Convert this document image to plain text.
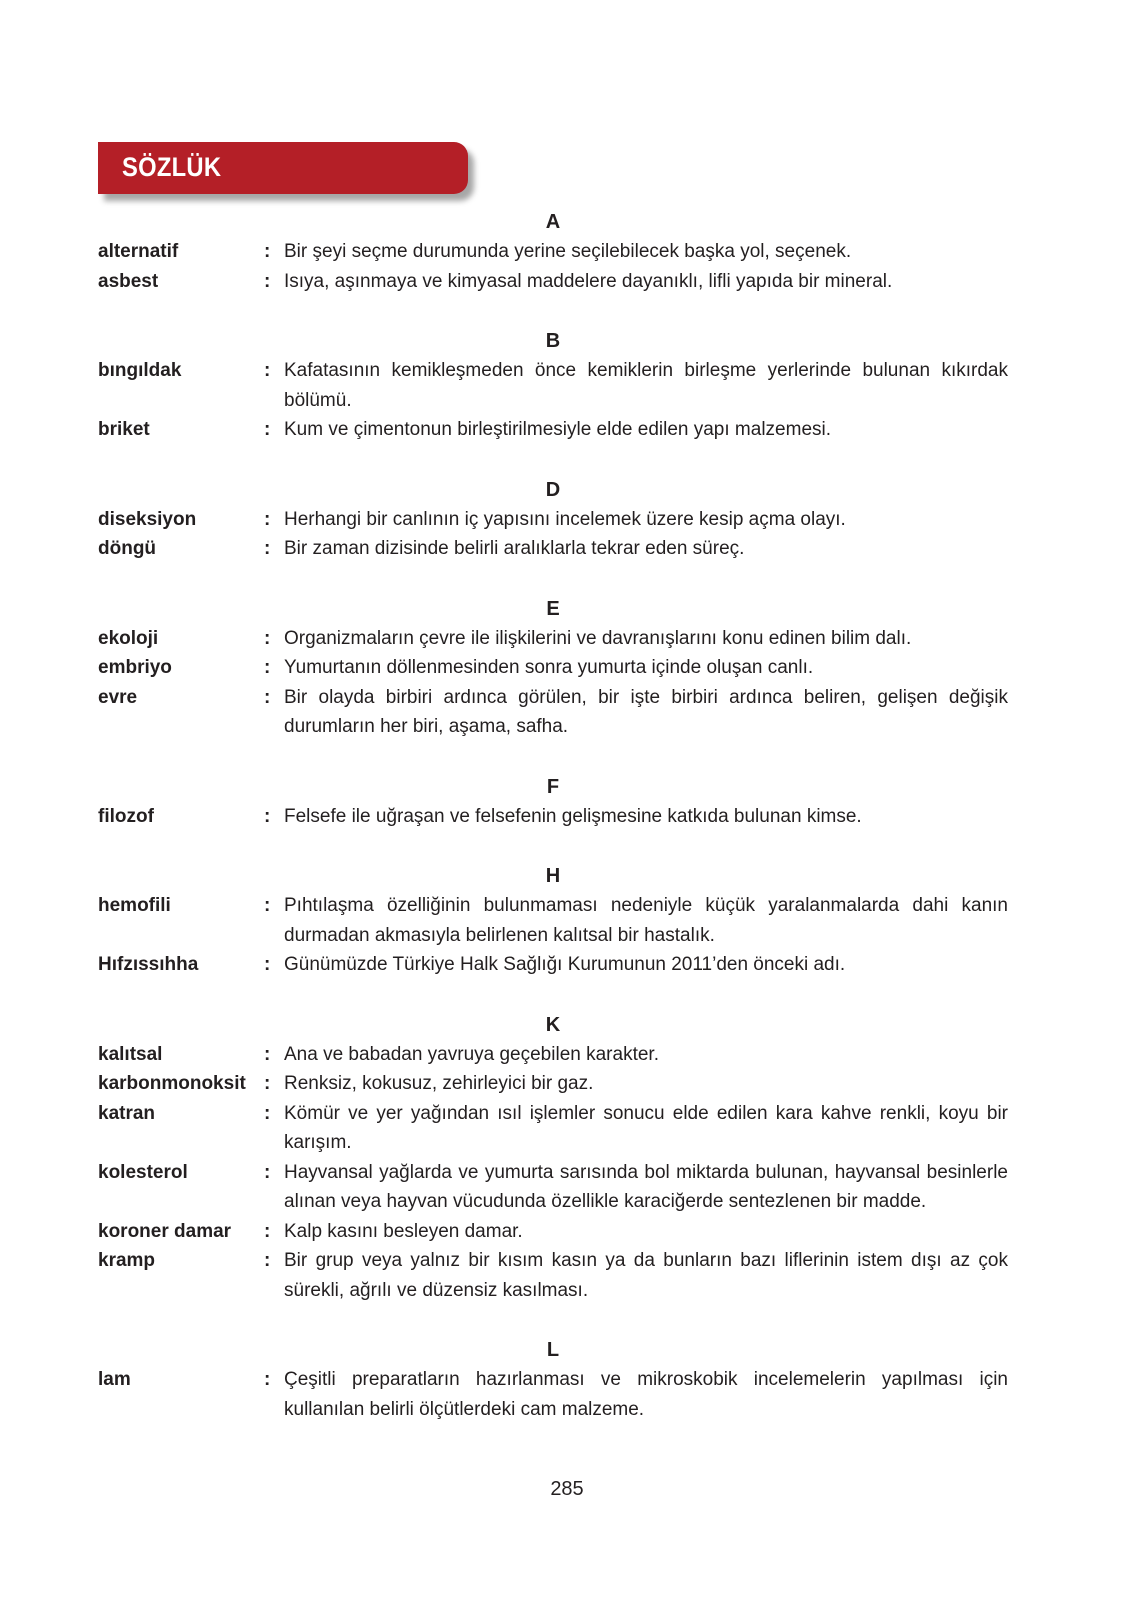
SÖZLÜK
A
alternatif	: Bir şeyi seçme durumunda yerine seçilebilecek başka yol, seçenek.
asbest	: Isıya, aşınmaya ve kimyasal maddelere dayanıklı, lifli yapıda bir mineral.
B
bıngıldak	: Kafatasının kemikleşmeden önce kemiklerin birleşme yerlerinde bulunan kıkırdak bölümü.
briket	: Kum ve çimentonun birleştirilmesiyle elde edilen yapı malzemesi.
D
diseksiyon	: Herhangi bir canlının iç yapısını incelemek üzere kesip açma olayı.
döngü	: Bir zaman dizisinde belirli aralıklarla tekrar eden süreç.
E
ekoloji	: Organizmaların çevre ile ilişkilerini ve davranışlarını konu edinen bilim dalı.
embriyo	: Yumurtanın döllenmesinden sonra yumurta içinde oluşan canlı.
evre	: Bir olayda birbiri ardınca görülen, bir işte birbiri ardınca beliren, gelişen değişik durumların her biri, aşama, safha.
F
filozof	: Felsefe ile uğraşan ve felsefenin gelişmesine katkıda bulunan kimse.
H
hemofili	: Pıhtılaşma özelliğinin bulunmaması nedeniyle küçük yaralanmalarda dahi kanın durmadan akmasıyla belirlenen kalıtsal bir hastalık.
Hıfzıssıhha	: Günümüzde Türkiye Halk Sağlığı Kurumunun 2011’den önceki adı.
K
kalıtsal	: Ana ve babadan yavruya geçebilen karakter.
karbonmonoksit : Renksiz, kokusuz, zehirleyici bir gaz.
katran	: Kömür ve yer yağından ısıl işlemler sonucu elde edilen kara kahve renkli, koyu bir karışım.
kolesterol	: Hayvansal yağlarda ve yumurta sarısında bol miktarda bulunan, hayvansal besinlerle alınan veya hayvan vücudunda özellikle karaciğerde sentezlenen bir madde.
koroner damar	: Kalp kasını besleyen damar.
kramp	: Bir grup veya yalnız bir kısım kasın ya da bunların bazı liflerinin istem dışı az çok sürekli, ağrılı ve düzensiz kasılması.
L
lam	: Çeşitli preparatların hazırlanması ve mikroskobik incelemelerin yapılması için kullanılan belirli ölçütlerdeki cam malzeme.
285
